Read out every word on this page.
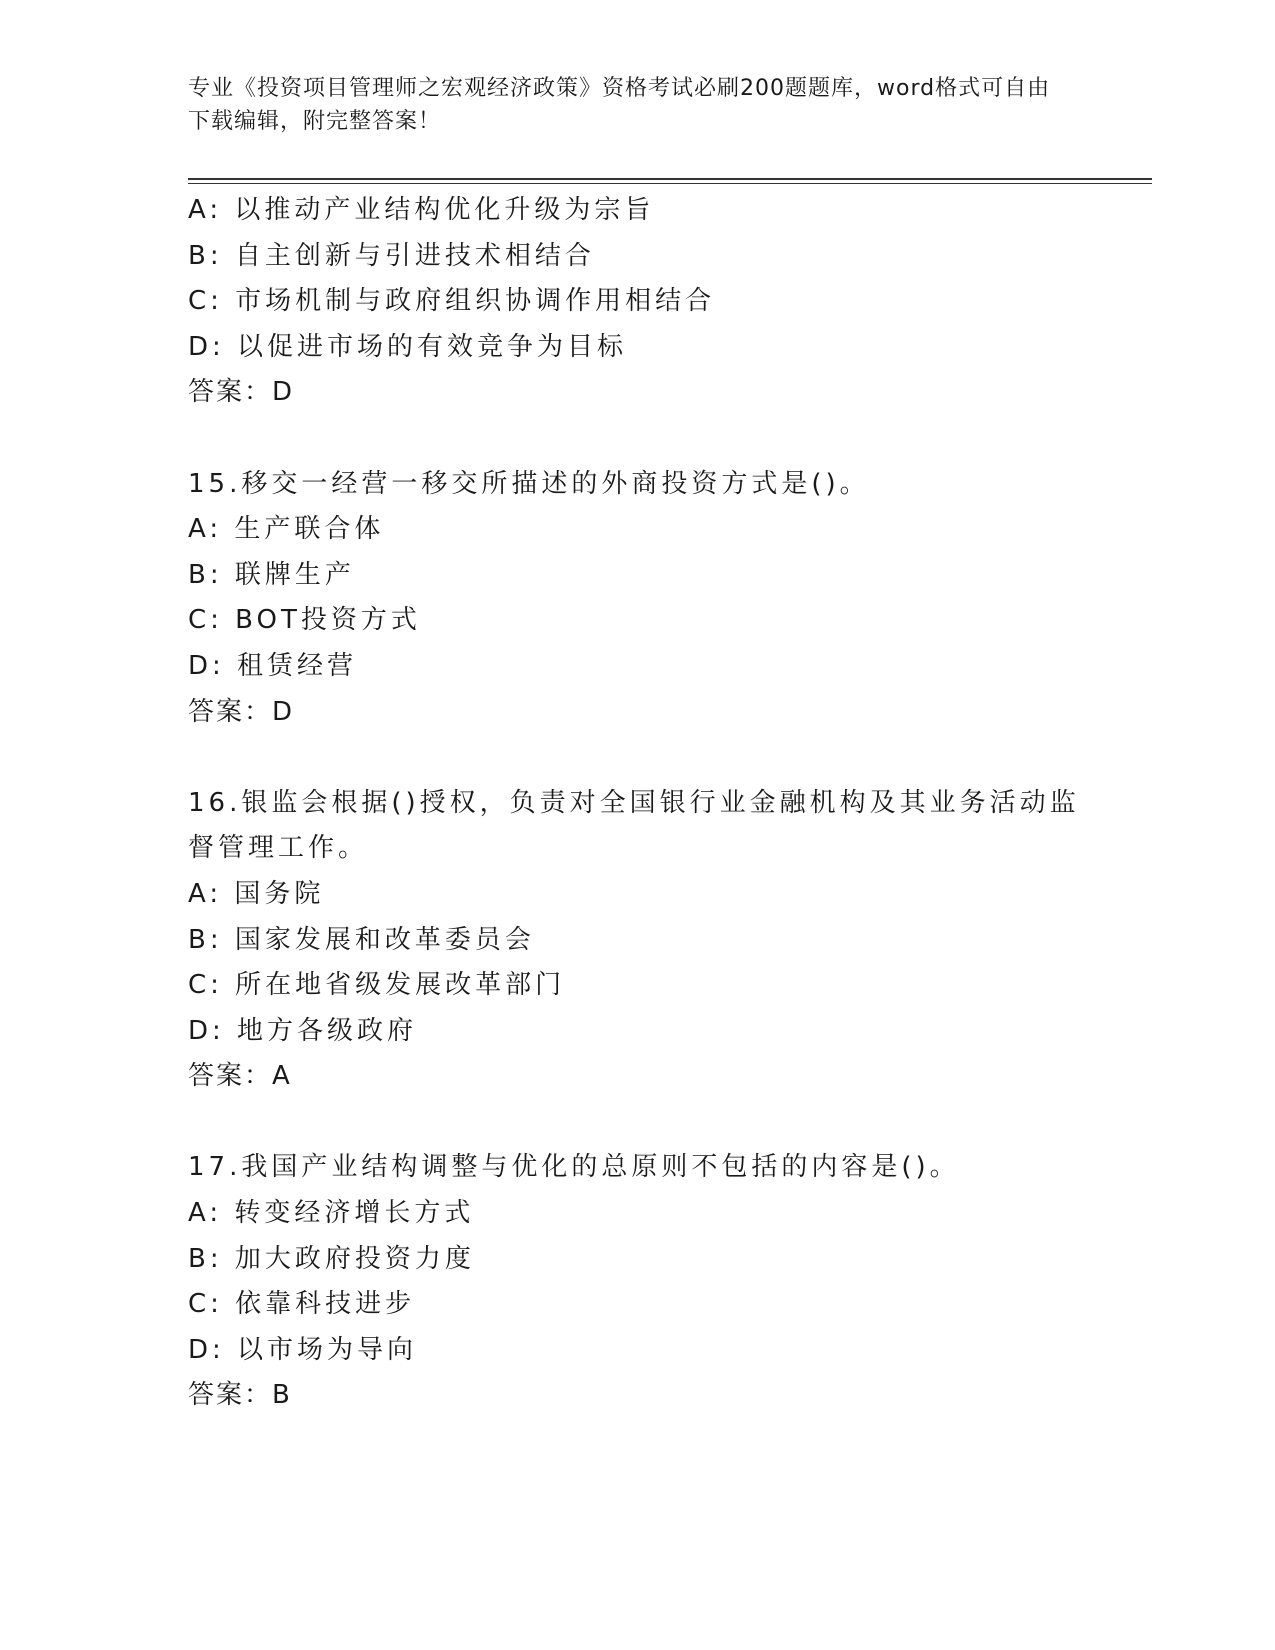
专业《投资项目管理师之宏观经济政策》资格考试必刷200题题库，word格式可自由下载编辑，附完整答案！
A: 以推动产业结构优化升级为宗旨
B: 自主创新与引进技术相结合
C: 市场机制与政府组织协调作用相结合
D: 以促进市场的有效竞争为目标
答案：D
15.移交一经营一移交所描述的外商投资方式是()。
A: 生产联合体
B: 联牌生产
C: BOT投资方式
D: 租赁经营
答案：D
16.银监会根据()授权，负责对全国银行业金融机构及其业务活动监督管理工作。
A: 国务院
B: 国家发展和改革委员会
C: 所在地省级发展改革部门
D: 地方各级政府
答案：A
17.我国产业结构调整与优化的总原则不包括的内容是()。
A: 转变经济增长方式
B: 加大政府投资力度
C: 依靠科技进步
D: 以市场为导向
答案：B
